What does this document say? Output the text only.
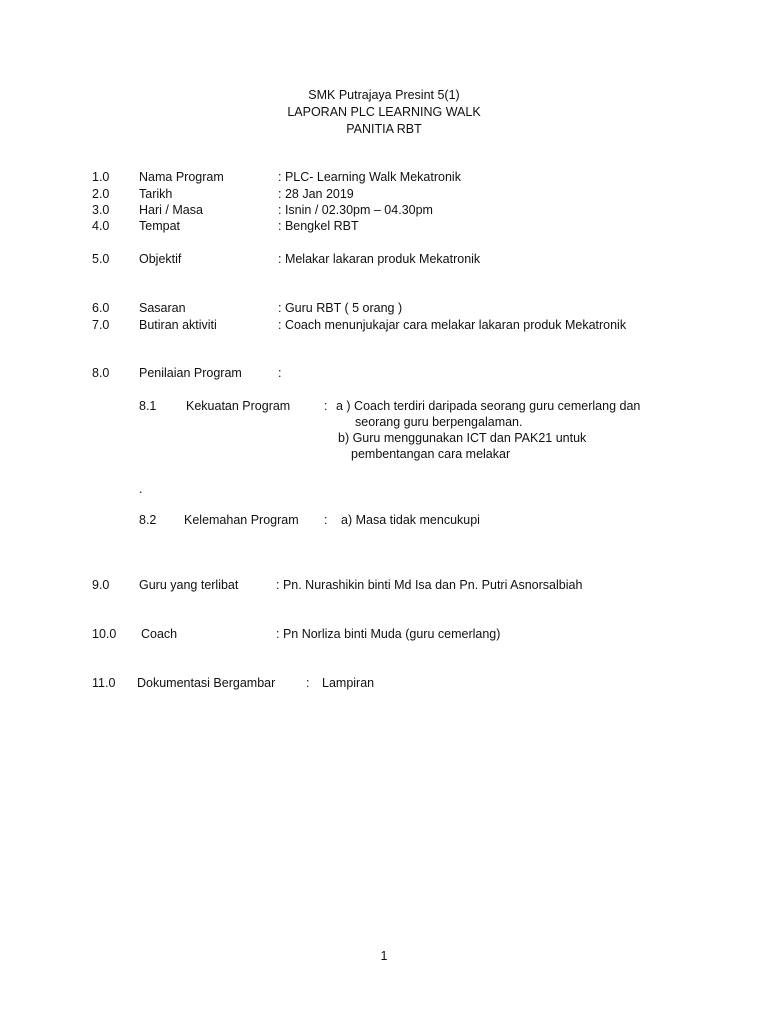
SMK Putrajaya Presint 5(1)
LAPORAN PLC LEARNING WALK
PANITIA RBT
1.0 Nama Program	: PLC- Learning Walk Mekatronik
2.0 Tarikh	: 28 Jan 2019
3.0 Hari / Masa	: Isnin / 02.30pm – 04.30pm
4.0 Tempat	: Bengkel RBT
5.0 Objektif	: Melakar lakaran produk Mekatronik
6.0 Sasaran	: Guru RBT ( 5 orang )
7.0 Butiran aktiviti	: Coach menunjukajar cara melakar lakaran produk Mekatronik
8.0 Penilaian Program	:
8.1 Kekuatan Program	: a ) Coach terdiri daripada seorang guru cemerlang dan
seorang guru berpengalaman.
b) Guru menggunakan ICT dan PAK21 untuk
pembentangan cara melakar
.
8.2 Kelemahan Program : a) Masa tidak mencukupi
9.0 Guru yang terlibat	: Pn. Nurashikin binti Md Isa dan Pn. Putri Asnorsalbiah
10.0 Coach	: Pn Norliza binti Muda (guru cemerlang)
11.0 Dokumentasi Bergambar : Lampiran
1
